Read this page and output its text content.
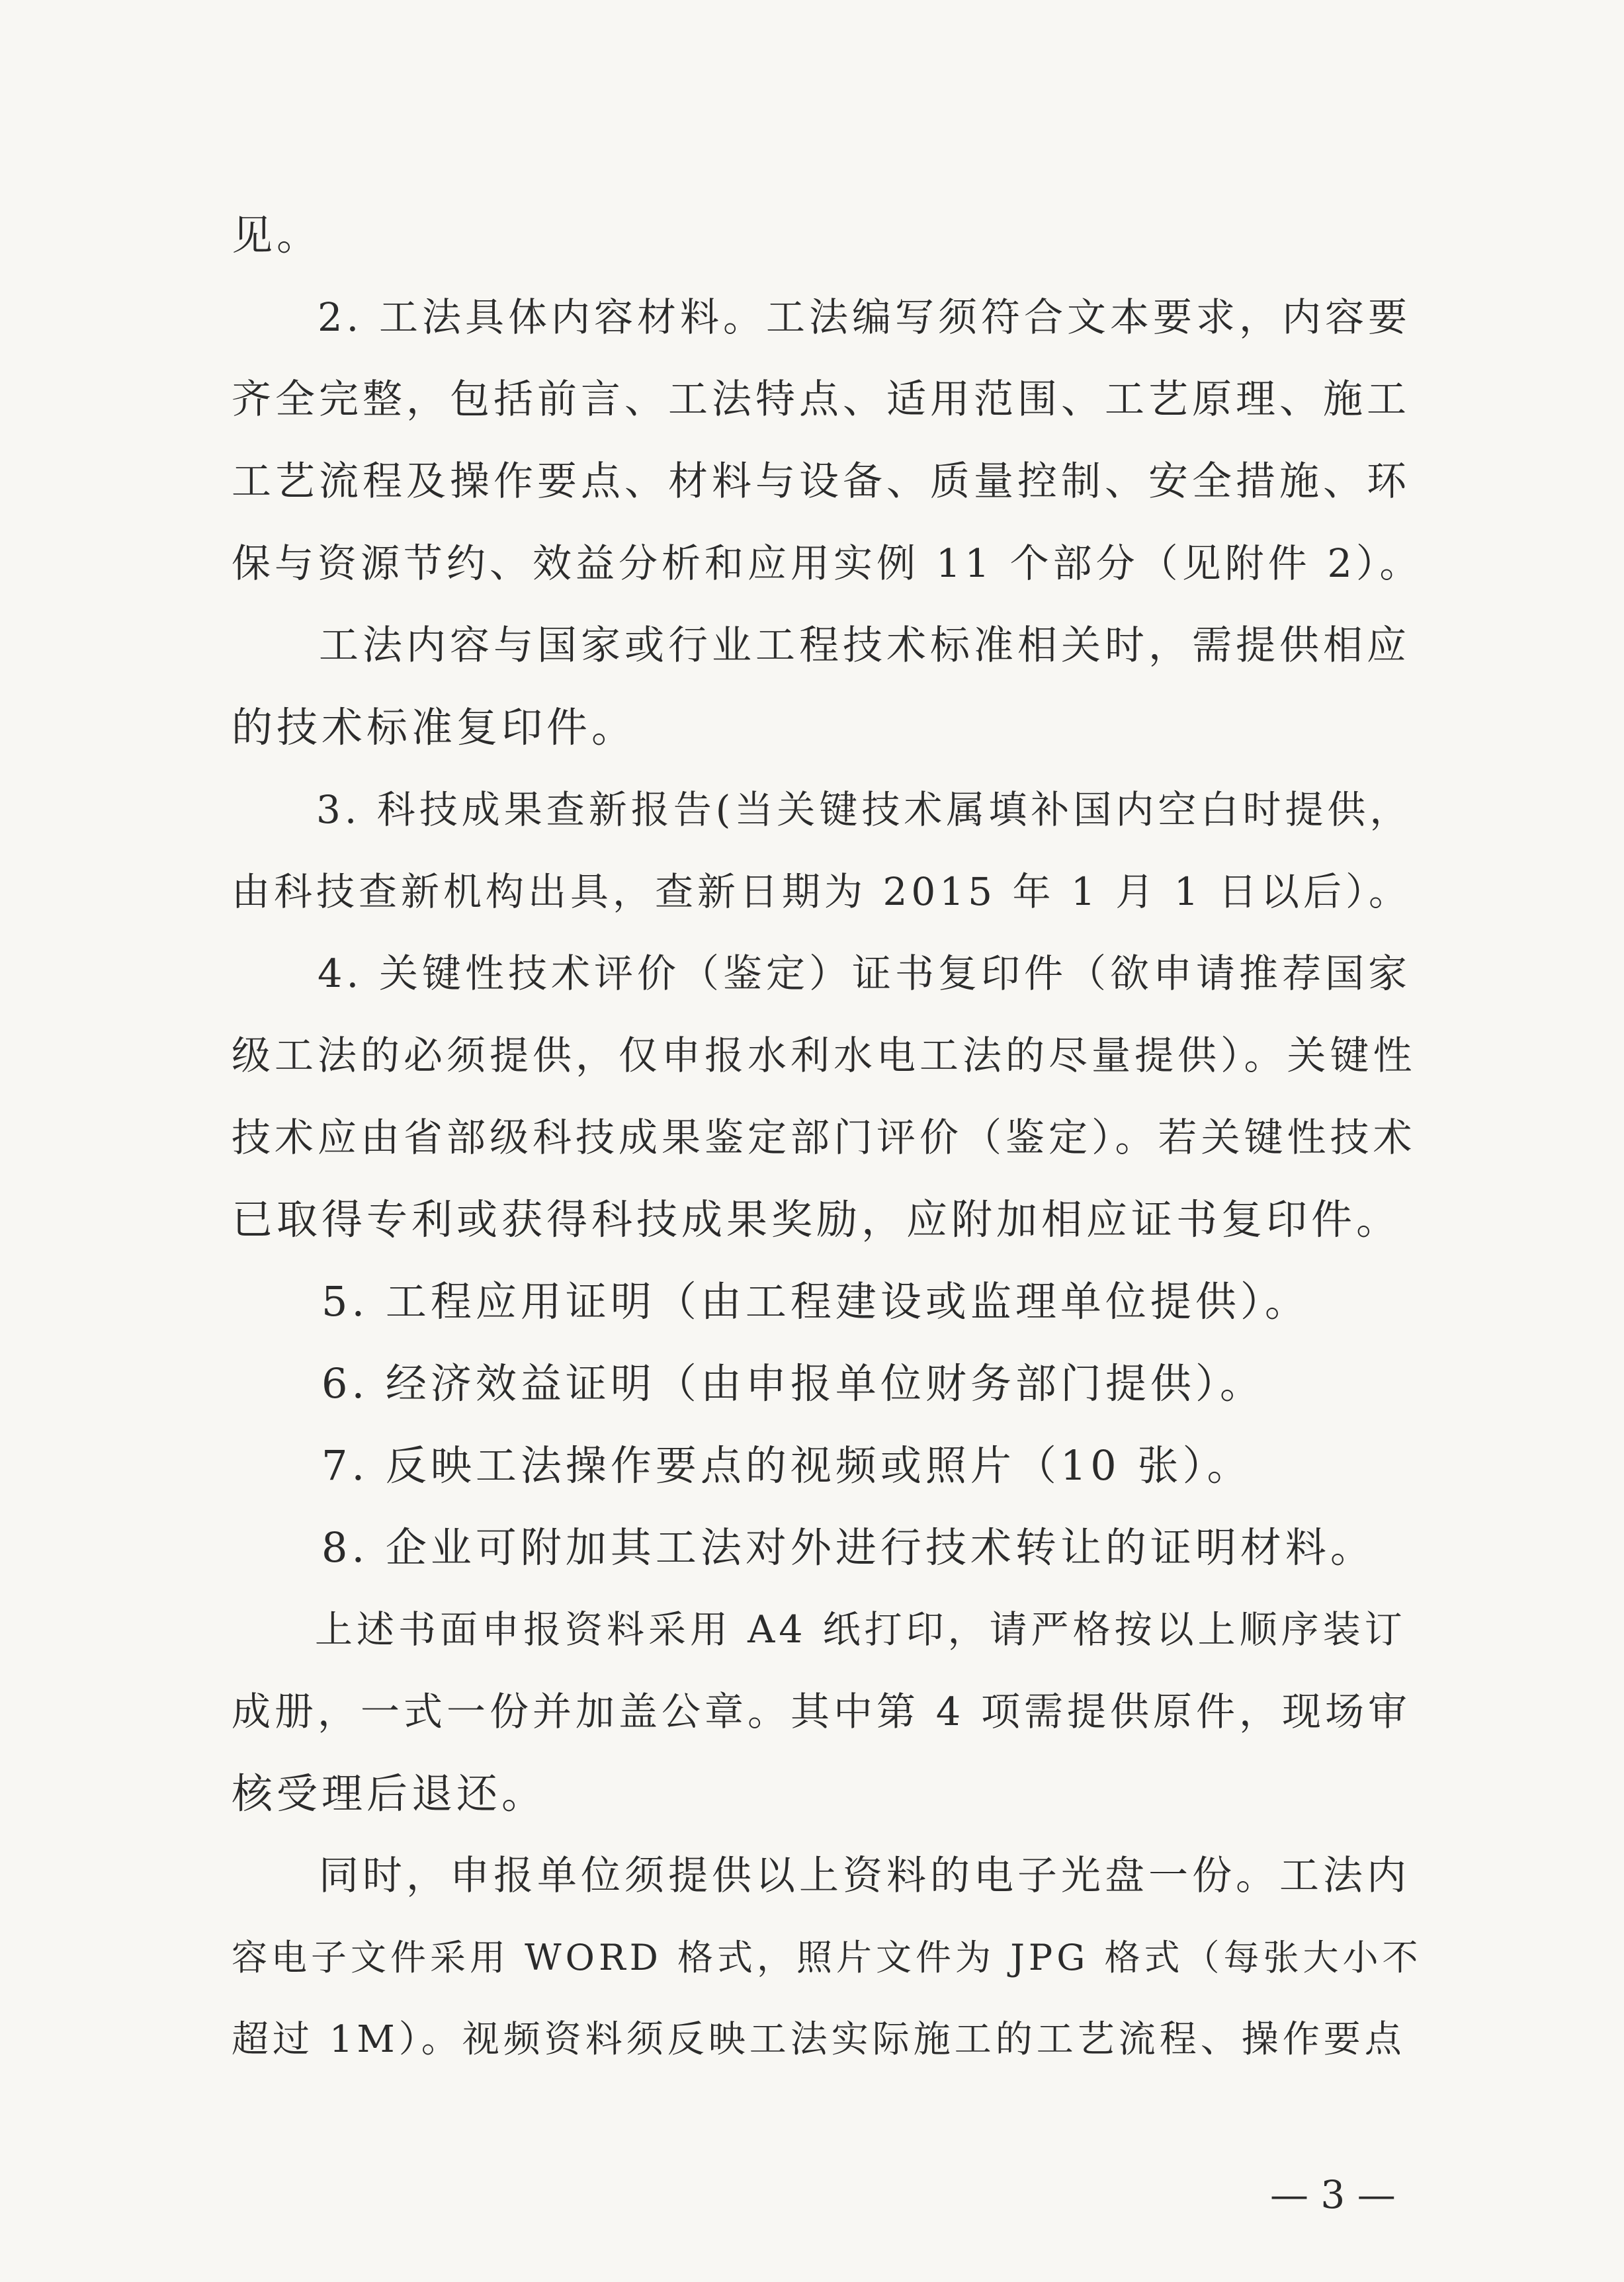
见。
　　2. 工法具体内容材料。工法编写须符合文本要求，内容要
齐全完整，包括前言、工法特点、适用范围、工艺原理、施工
工艺流程及操作要点、材料与设备、质量控制、安全措施、环
保与资源节约、效益分析和应用实例 11 个部分（见附件 2）。
　　工法内容与国家或行业工程技术标准相关时，需提供相应
的技术标准复印件。
　　3. 科技成果查新报告(当关键技术属填补国内空白时提供，
由科技查新机构出具，查新日期为 2015 年 1 月 1 日以后）。
　　4. 关键性技术评价（鉴定）证书复印件（欲申请推荐国家
级工法的必须提供，仅申报水利水电工法的尽量提供）。关键性
技术应由省部级科技成果鉴定部门评价（鉴定）。若关键性技术
已取得专利或获得科技成果奖励，应附加相应证书复印件。
　　5. 工程应用证明（由工程建设或监理单位提供）。
　　6. 经济效益证明（由申报单位财务部门提供）。
　　7. 反映工法操作要点的视频或照片（10 张）。
　　8. 企业可附加其工法对外进行技术转让的证明材料。
　　上述书面申报资料采用 A4 纸打印，请严格按以上顺序装订
成册，一式一份并加盖公章。其中第 4 项需提供原件，现场审
核受理后退还。
　　同时，申报单位须提供以上资料的电子光盘一份。工法内
容电子文件采用 WORD 格式，照片文件为 JPG 格式（每张大小不
超过 1M）。视频资料须反映工法实际施工的工艺流程、操作要点
— 3 —
